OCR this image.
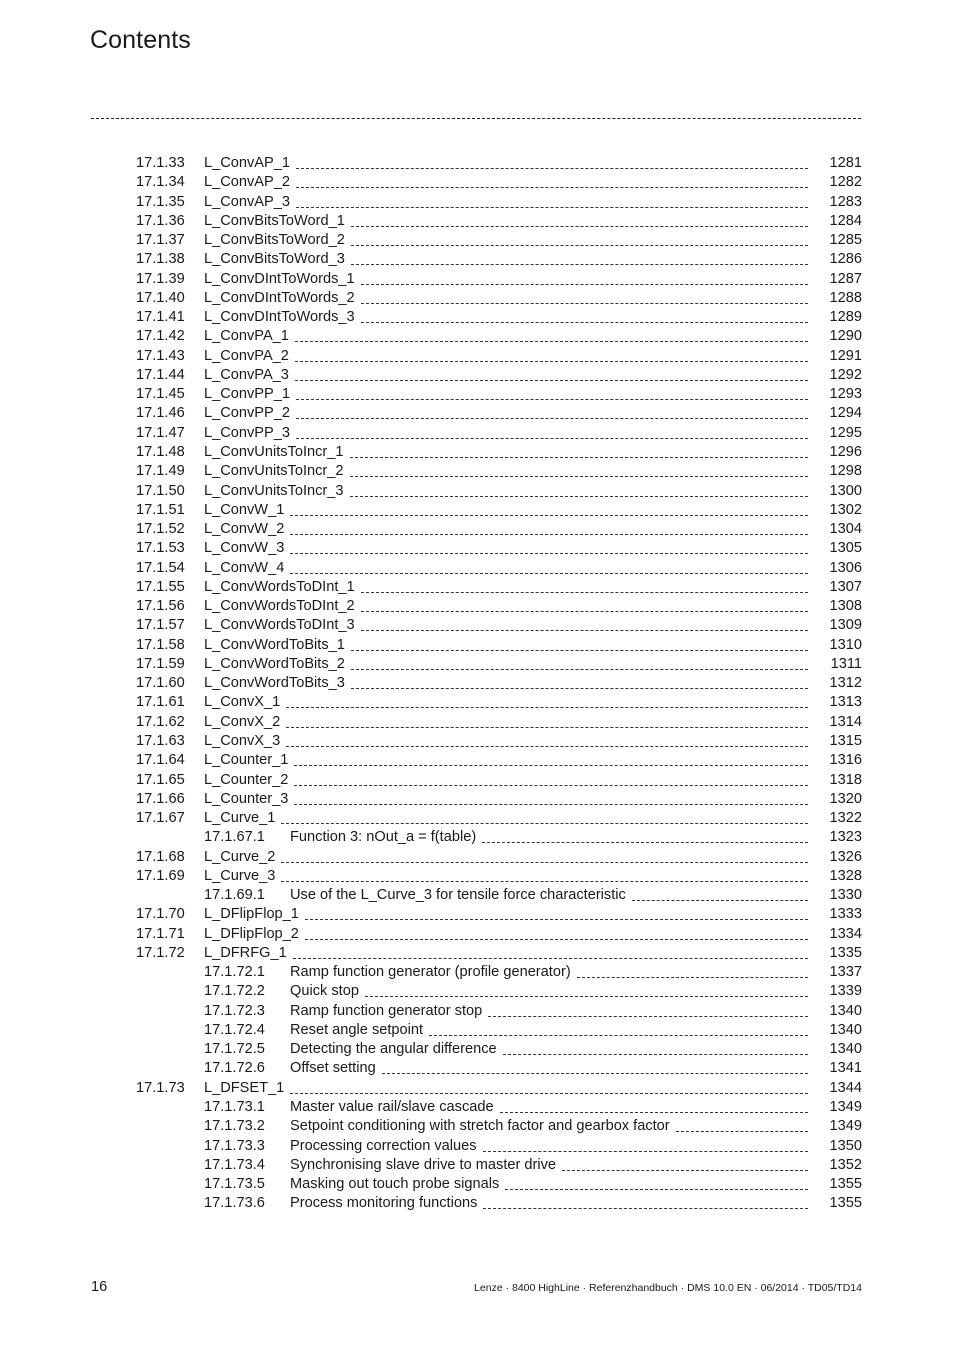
Contents
17.1.33 L_ConvAP_1	1281
17.1.34 L_ConvAP_2	1282
17.1.35 L_ConvAP_3	1283
17.1.36 L_ConvBitsToWord_1	1284
17.1.37 L_ConvBitsToWord_2	1285
17.1.38 L_ConvBitsToWord_3	1286
17.1.39 L_ConvDIntToWords_1	1287
17.1.40 L_ConvDIntToWords_2	1288
17.1.41 L_ConvDIntToWords_3	1289
17.1.42 L_ConvPA_1	1290
17.1.43 L_ConvPA_2	1291
17.1.44 L_ConvPA_3	1292
17.1.45 L_ConvPP_1	1293
17.1.46 L_ConvPP_2	1294
17.1.47 L_ConvPP_3	1295
17.1.48 L_ConvUnitsToIncr_1	1296
17.1.49 L_ConvUnitsToIncr_2	1298
17.1.50 L_ConvUnitsToIncr_3	1300
17.1.51 L_ConvW_1	1302
17.1.52 L_ConvW_2	1304
17.1.53 L_ConvW_3	1305
17.1.54 L_ConvW_4	1306
17.1.55 L_ConvWordsToDInt_1	1307
17.1.56 L_ConvWordsToDInt_2	1308
17.1.57 L_ConvWordsToDInt_3	1309
17.1.58 L_ConvWordToBits_1	1310
17.1.59 L_ConvWordToBits_2	1311
17.1.60 L_ConvWordToBits_3	1312
17.1.61 L_ConvX_1	1313
17.1.62 L_ConvX_2	1314
17.1.63 L_ConvX_3	1315
17.1.64 L_Counter_1	1316
17.1.65 L_Counter_2	1318
17.1.66 L_Counter_3	1320
17.1.67 L_Curve_1	1322
17.1.67.1 Function 3: nOut_a = f(table)	1323
17.1.68 L_Curve_2	1326
17.1.69 L_Curve_3	1328
17.1.69.1 Use of the L_Curve_3 for tensile force characteristic	1330
17.1.70 L_DFlipFlop_1	1333
17.1.71 L_DFlipFlop_2	1334
17.1.72 L_DFRFG_1	1335
17.1.72.1 Ramp function generator (profile generator)	1337
17.1.72.2 Quick stop	1339
17.1.72.3 Ramp function generator stop	1340
17.1.72.4 Reset angle setpoint	1340
17.1.72.5 Detecting the angular difference	1340
17.1.72.6 Offset setting	1341
17.1.73 L_DFSET_1	1344
17.1.73.1 Master value rail/slave cascade	1349
17.1.73.2 Setpoint conditioning with stretch factor and gearbox factor	1349
17.1.73.3 Processing correction values	1350
17.1.73.4 Synchronising slave drive to master drive	1352
17.1.73.5 Masking out touch probe signals	1355
17.1.73.6 Process monitoring functions	1355
16	Lenze · 8400 HighLine · Referenzhandbuch · DMS 10.0 EN · 06/2014 · TD05/TD14
